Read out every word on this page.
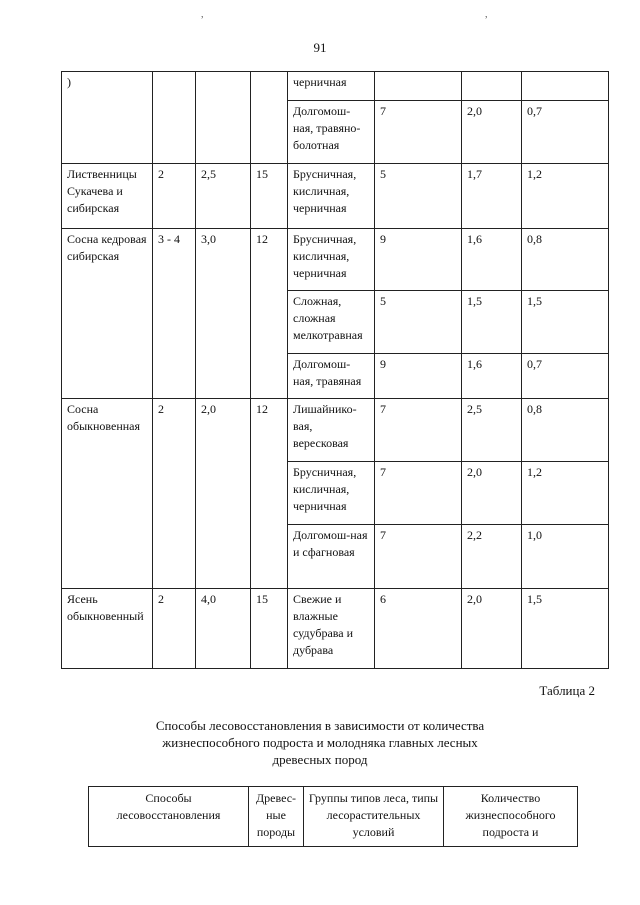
,	,
91
)				черничная			
				Долгомош-ная, травяно-болотная	7	2,0	0,7
Лиственницы Сукачева и сибирская	2	2,5	15	Брусничная, кисличная, черничная	5	1,7	1,2
Сосна кедровая сибирская	3 - 4	3,0	12	Брусничная, кисличная, черничная	9	1,6	0,8
				Сложная, сложная мелкотравная	5	1,5	1,5
				Долгомош-ная, травяная	9	1,6	0,7
Сосна обыкновенная	2	2,0	12	Лишайнико-вая, вересковая	7	2,5	0,8
				Брусничная, кисличная, черничная	7	2,0	1,2
				Долгомош-ная и сфагновая	7	2,2	1,0
Ясень обыкновенный	2	4,0	15	Свежие и влажные судубрава и дубрава	6	2,0	1,5
Таблица 2
Способы лесовосстановления в зависимости от количества
жизнеспособного подроста и молодняка главных лесных
древесных пород
Способы лесовосстановления	Древес-ные породы	Группы типов леса, типы лесорастительных условий	Количество жизнеспособного подроста и
